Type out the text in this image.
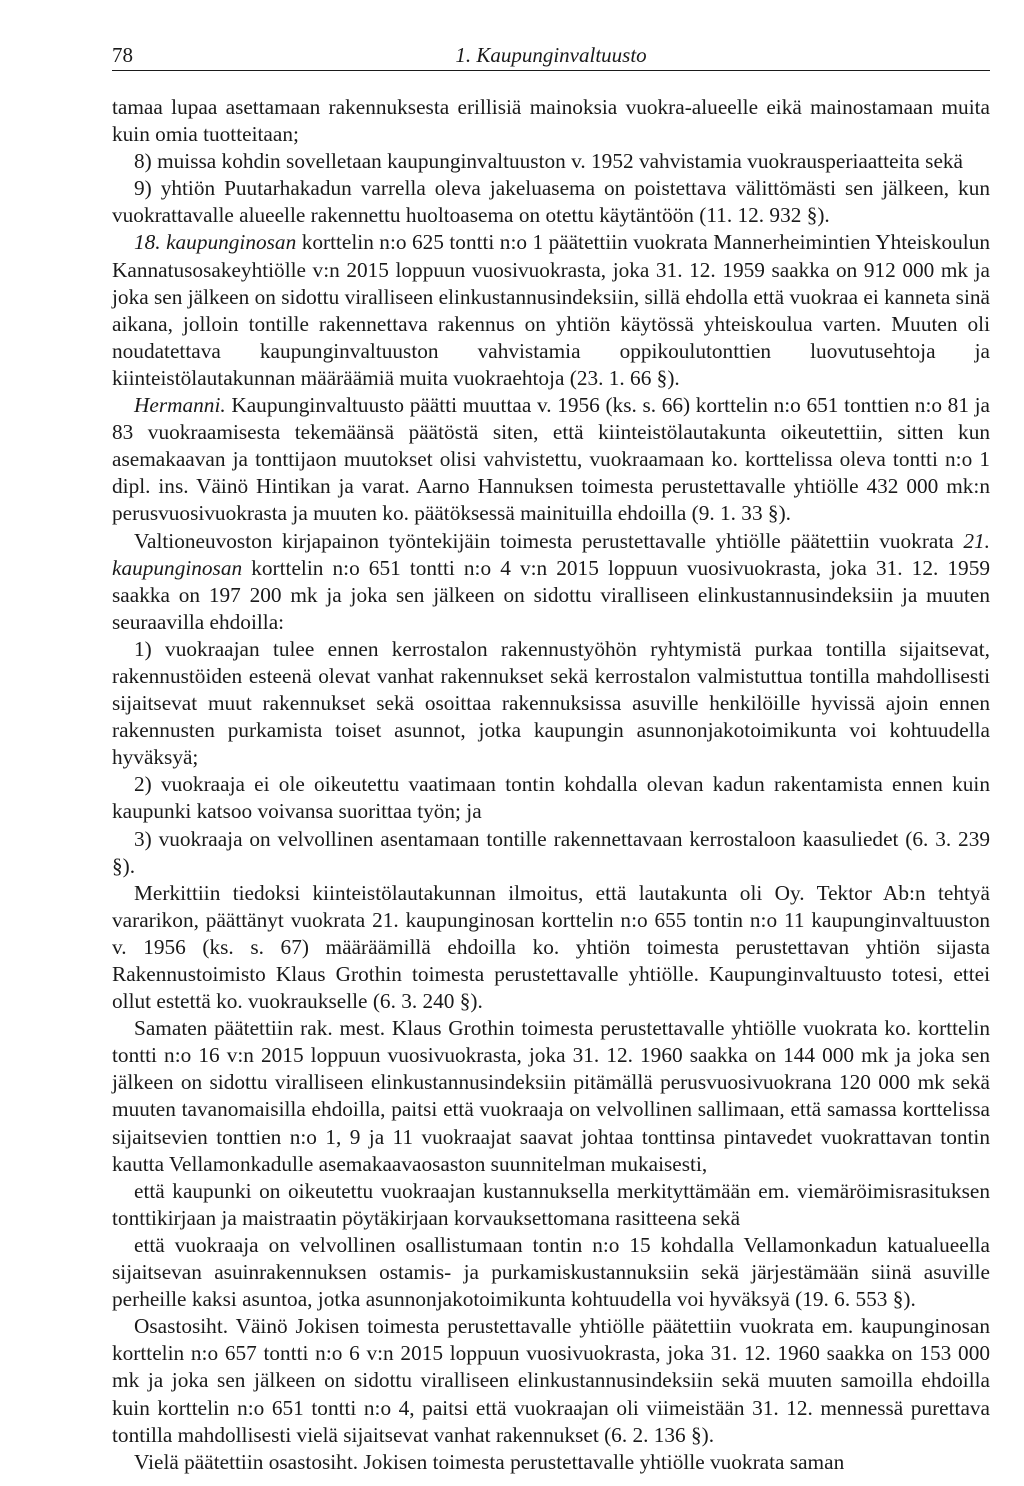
78	1. Kaupunginvaltuusto

tamaa lupaa asettamaan rakennuksesta erillisiä mainoksia vuokra-alueelle eikä mainostamaan muita kuin omia tuotteitaan;

8) muissa kohdin sovelletaan kaupunginvaltuuston v. 1952 vahvistamia vuokrausperiaatteita sekä

9) yhtiön Puutarhakadun varrella oleva jakeluasema on poistettava välittömästi sen jälkeen, kun vuokrattavalle alueelle rakennettu huoltoasema on otettu käytäntöön (11. 12. 932 §).

18. kaupunginosan korttelin n:o 625 tontti n:o 1 päätettiin vuokrata Mannerheimintien Yhteiskoulun Kannatusosakeyhtiölle v:n 2015 loppuun vuosivuokrasta, joka 31. 12. 1959 saakka on 912 000 mk ja joka sen jälkeen on sidottu viralliseen elinkustannusindeksiin, sillä ehdolla että vuokraa ei kanneta sinä aikana, jolloin tontille rakennettava rakennus on yhtiön käytössä yhteiskoulua varten. Muuten oli noudatettava kaupunginvaltuuston vahvistamia oppikoulutonttien luovutusehtoja ja kiinteistölautakunnan määräämiä muita vuokraehtoja (23. 1. 66 §).

Hermanni. Kaupunginvaltuusto päätti muuttaa v. 1956 (ks. s. 66) korttelin n:o 651 tonttien n:o 81 ja 83 vuokraamisesta tekemäänsä päätöstä siten, että kiinteistölautakunta oikeutettiin, sitten kun asemakaavan ja tonttijaon muutokset olisi vahvistettu, vuokraamaan ko. korttelissa oleva tontti n:o 1 dipl. ins. Väinö Hintikan ja varat. Aarno Hannuksen toimesta perustettavalle yhtiölle 432 000 mk:n perusvuosivuokrasta ja muuten ko. päätöksessä mainituilla ehdoilla (9. 1. 33 §).

Valtioneuvoston kirjapainon työntekijäin toimesta perustettavalle yhtiölle päätettiin vuokrata 21. kaupunginosan korttelin n:o 651 tontti n:o 4 v:n 2015 loppuun vuosivuokrasta, joka 31. 12. 1959 saakka on 197 200 mk ja joka sen jälkeen on sidottu viralliseen elinkustannusindeksiin ja muuten seuraavilla ehdoilla:

1) vuokraajan tulee ennen kerrostalon rakennustyöhön ryhtymistä purkaa tontilla sijaitsevat, rakennustöiden esteenä olevat vanhat rakennukset sekä kerrostalon valmistuttua tontilla mahdollisesti sijaitsevat muut rakennukset sekä osoittaa rakennuksissa asuville henkilöille hyvissä ajoin ennen rakennusten purkamista toiset asunnot, jotka kaupungin asunnonjakotoimikunta voi kohtuudella hyväksyä;

2) vuokraaja ei ole oikeutettu vaatimaan tontin kohdalla olevan kadun rakentamista ennen kuin kaupunki katsoo voivansa suorittaa työn; ja

3) vuokraaja on velvollinen asentamaan tontille rakennettavaan kerrostaloon kaasuliedet (6. 3. 239 §).

Merkittiin tiedoksi kiinteistölautakunnan ilmoitus, että lautakunta oli Oy. Tektor Ab:n tehtyä vararikon, päättänyt vuokrata 21. kaupunginosan korttelin n:o 655 tontin n:o 11 kaupunginvaltuuston v. 1956 (ks. s. 67) määräämillä ehdoilla ko. yhtiön toimesta perustettavan yhtiön sijasta Rakennustoimisto Klaus Grothin toimesta perustettavalle yhtiölle. Kaupunginvaltuusto totesi, ettei ollut estettä ko. vuokraukselle (6. 3. 240 §).

Samaten päätettiin rak. mest. Klaus Grothin toimesta perustettavalle yhtiölle vuokrata ko. korttelin tontti n:o 16 v:n 2015 loppuun vuosivuokrasta, joka 31. 12. 1960 saakka on 144 000 mk ja joka sen jälkeen on sidottu viralliseen elinkustannusindeksiin pitämällä perusvuosivuokrana 120 000 mk sekä muuten tavanomaisilla ehdoilla, paitsi että vuokraaja on velvollinen sallimaan, että samassa korttelissa sijaitsevien tonttien n:o 1, 9 ja 11 vuokraajat saavat johtaa tonttinsa pintavedet vuokrattavan tontin kautta Vellamonkadulle asemakaavaosaston suunnitelman mukaisesti,

että kaupunki on oikeutettu vuokraajan kustannuksella merkityttämään em. viemäröimisrasituksen tonttikirjaan ja maistraatin pöytäkirjaan korvauksettomana rasitteena sekä

että vuokraaja on velvollinen osallistumaan tontin n:o 15 kohdalla Vellamonkadun katualueella sijaitsevan asuinrakennuksen ostamis- ja purkamiskustannuksiin sekä järjestämään siinä asuville perheille kaksi asuntoa, jotka asunnonjakotoimikunta kohtuudella voi hyväksyä (19. 6. 553 §).

Osastosiht. Väinö Jokisen toimesta perustettavalle yhtiölle päätettiin vuokrata em. kaupunginosan korttelin n:o 657 tontti n:o 6 v:n 2015 loppuun vuosivuokrasta, joka 31. 12. 1960 saakka on 153 000 mk ja joka sen jälkeen on sidottu viralliseen elinkustannusindeksiin sekä muuten samoilla ehdoilla kuin korttelin n:o 651 tontti n:o 4, paitsi että vuokraajan oli viimeistään 31. 12. mennessä purettava tontilla mahdollisesti vielä sijaitsevat vanhat rakennukset (6. 2. 136 §).

Vielä päätettiin osastosiht. Jokisen toimesta perustettavalle yhtiölle vuokrata saman
